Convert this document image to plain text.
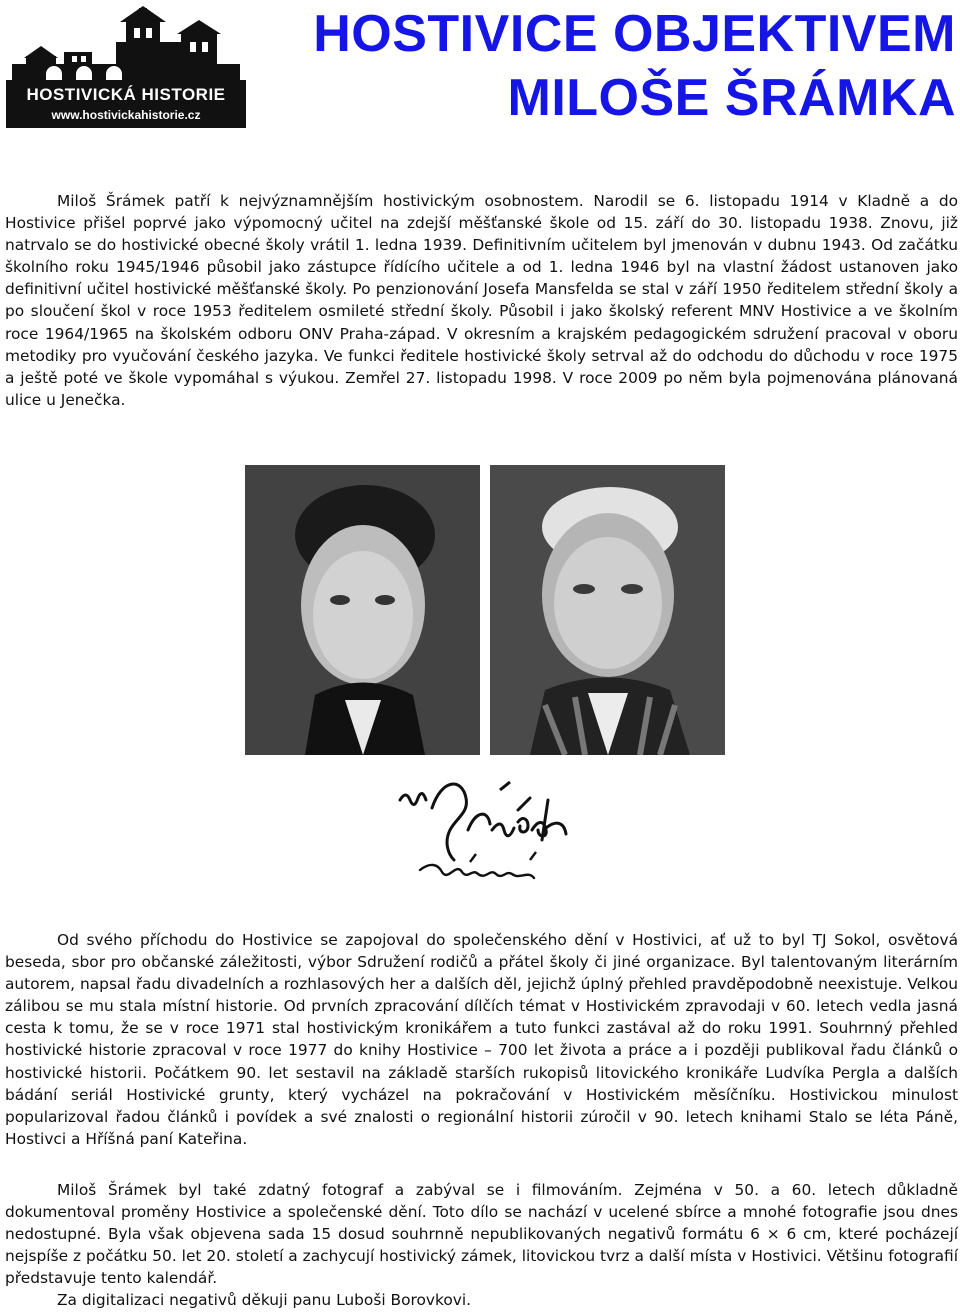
HOSTIVICKÁ HISTORIE
www.hostivickahistorie.cz
HOSTIVICE OBJEKTIVEM
MILOŠE ŠRÁMKA

Miloš Šrámek patří k nejvýznamnějším hostivickým osobnostem. Narodil se 6. listopadu 1914 v Kladně a do Hostivice přišel poprvé jako výpomocný učitel na zdejší měšťanské škole od 15. září do 30. listopadu 1938. Znovu, již natrvalo se do hostivické obecné školy vrátil 1. ledna 1939. Definitivním učitelem byl jmenován v dubnu 1943. Od začátku školního roku 1945/1946 působil jako zástupce řídícího učitele a od 1. ledna 1946 byl na vlastní žádost ustanoven jako definitivní učitel hostivické měšťanské školy. Po penzionování Josefa Mansfelda se stal v září 1950 ředitelem střední školy a po sloučení škol v roce 1953 ředitelem osmileté střední školy. Působil i jako školský referent MNV Hostivice a ve školním roce 1964/1965 na školském odboru ONV Praha-západ. V okresním a krajském pedagogickém sdružení pracoval v oboru metodiky pro vyučování českého jazyka. Ve funkci ředitele hostivické školy setrval až do odchodu do důchodu v roce 1975 a ještě poté ve škole vypomáhal s výukou. Zemřel 27. listopadu 1998. V roce 2009 po něm byla pojmenována plánovaná ulice u Jenečka.

Od svého příchodu do Hostivice se zapojoval do společenského dění v Hostivici, ať už to byl TJ Sokol, osvětová beseda, sbor pro občanské záležitosti, výbor Sdružení rodičů a přátel školy či jiné organizace. Byl talentovaným literárním autorem, napsal řadu divadelních a rozhlasových her a dalších děl, jejichž úplný přehled pravděpodobně neexistuje. Velkou zálibou se mu stala místní historie. Od prvních zpracování dílčích témat v Hostivickém zpravodaji v 60. letech vedla jasná cesta k tomu, že se v roce 1971 stal hostivickým kronikářem a tuto funkci zastával až do roku 1991. Souhrnný přehled hostivické historie zpracoval v roce 1977 do knihy Hostivice – 700 let života a práce a i později publikoval řadu článků o hostivické historii. Počátkem 90. let sestavil na základě starších rukopisů litovického kronikáře Ludvíka Pergla a dalších bádání seriál Hostivické grunty, který vycházel na pokračování v Hostivickém měsíčníku. Hostivickou minulost popularizoval řadou článků i povídek a své znalosti o regionální historii zúročil v 90. letech knihami Stalo se léta Páně, Hostivci a Hříšná paní Kateřina.

Miloš Šrámek byl také zdatný fotograf a zabýval se i filmováním. Zejména v 50. a 60. letech důkladně dokumentoval proměny Hostivice a společenské dění. Toto dílo se nachází v ucelené sbírce a mnohé fotografie jsou dnes nedostupné. Byla však objevena sada 15 dosud souhrnně nepublikovaných negativů formátu 6 × 6 cm, které pocházejí nejspíše z počátku 50. let 20. století a zachycují hostivický zámek, litovickou tvrz a další místa v Hostivici. Většinu fotografií představuje tento kalendář.

Za digitalizaci negativů děkuji panu Luboši Borovkovi.
